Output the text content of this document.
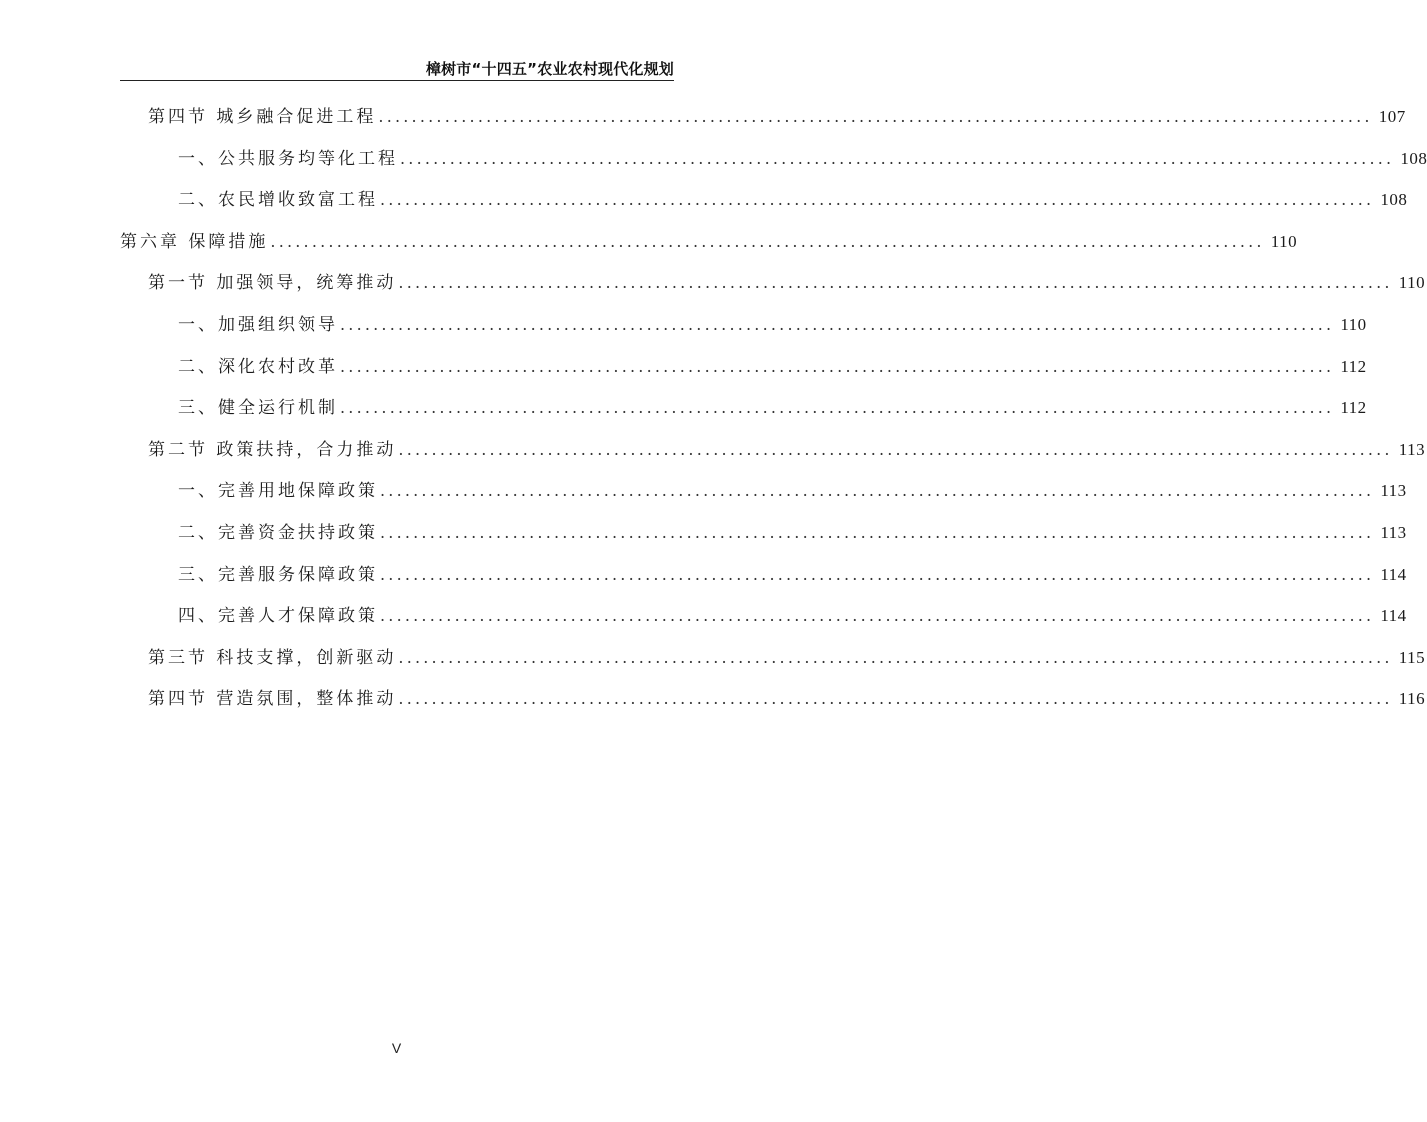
樟树市“十四五”农业农村现代化规划
第四节 城乡融合促进工程 ........................................................................................................................ 107
一、公共服务均等化工程 ........................................................................................................................ 108
二、农民增收致富工程 ........................................................................................................................ 108
第六章 保障措施 ........................................................................................................................ 110
第一节 加强领导，统筹推动 ........................................................................................................................ 110
一、加强组织领导 ........................................................................................................................ 110
二、深化农村改革 ........................................................................................................................ 112
三、健全运行机制 ........................................................................................................................ 112
第二节 政策扶持，合力推动 ........................................................................................................................ 113
一、完善用地保障政策 ........................................................................................................................ 113
二、完善资金扶持政策 ........................................................................................................................ 113
三、完善服务保障政策 ........................................................................................................................ 114
四、完善人才保障政策 ........................................................................................................................ 114
第三节 科技支撑，创新驱动 ........................................................................................................................ 115
第四节 营造氛围，整体推动 ........................................................................................................................ 116
V
